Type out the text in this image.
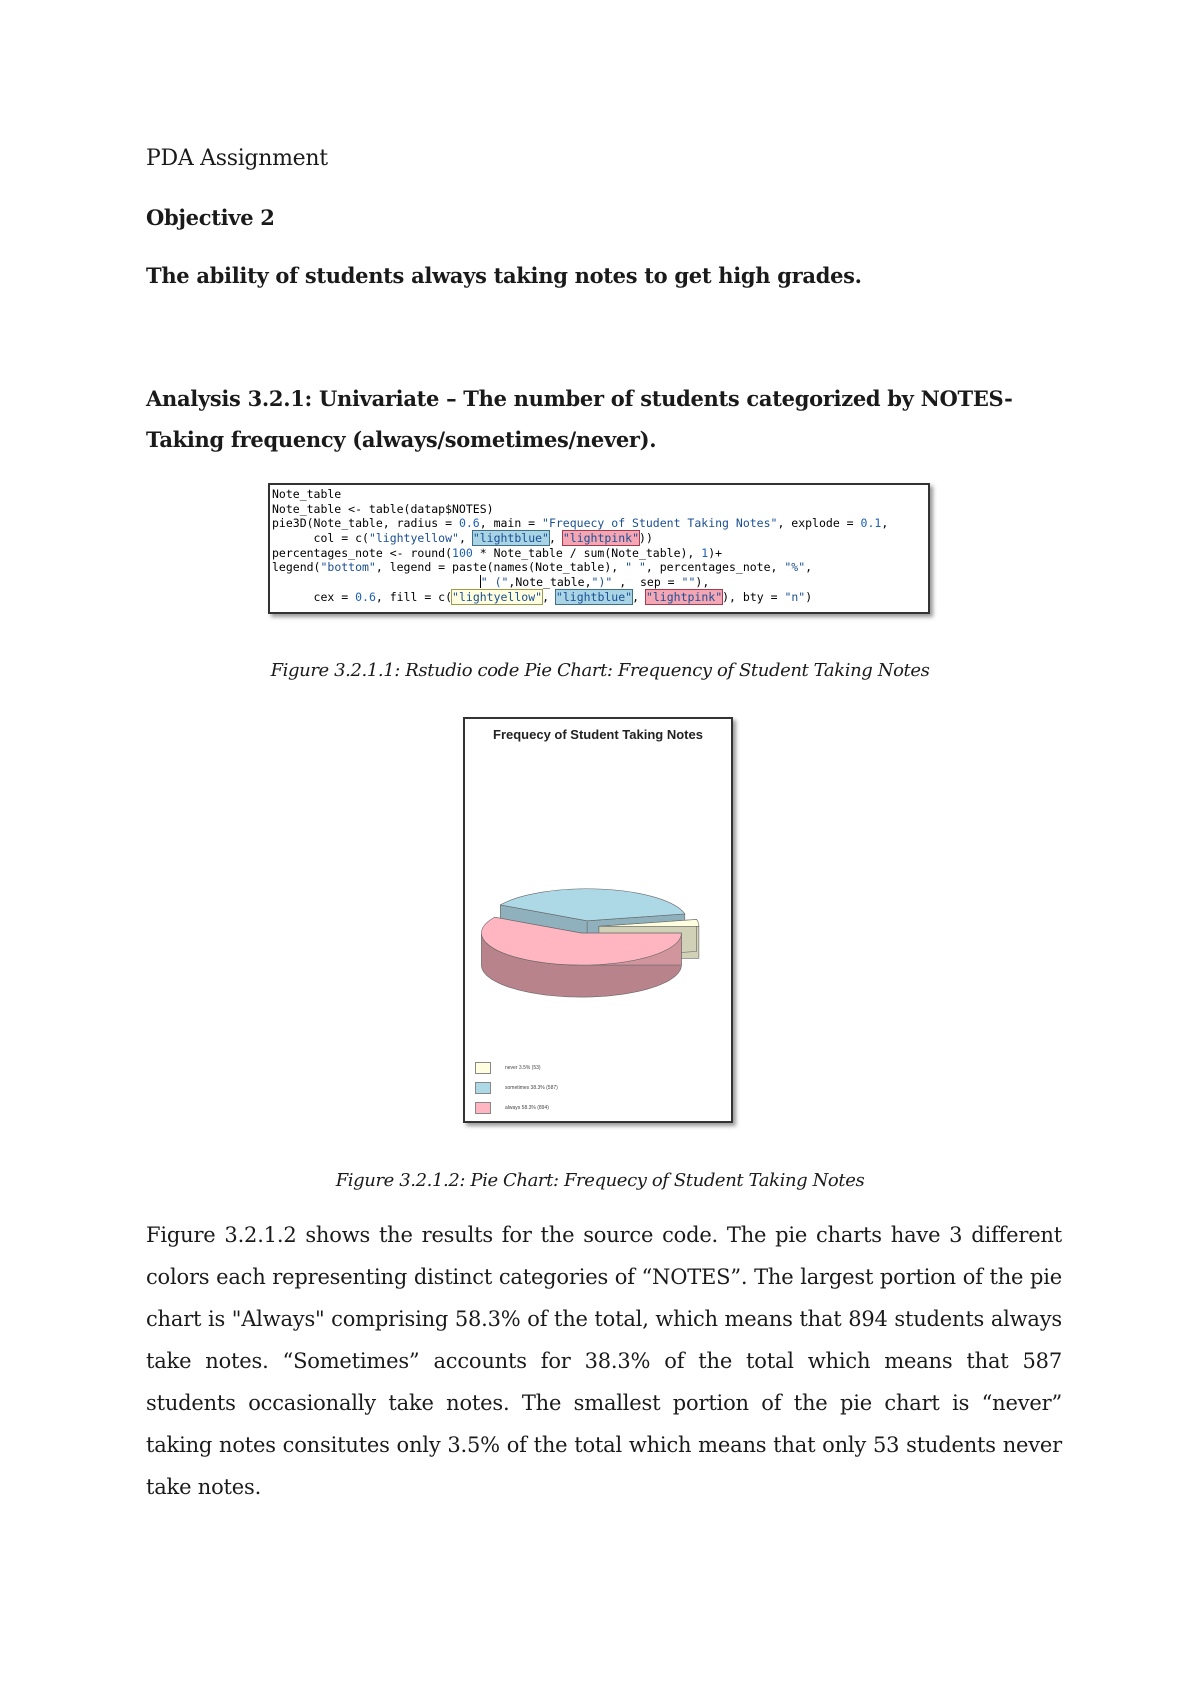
PDA Assignment
Objective 2
The ability of students always taking notes to get high grades.
Analysis 3.2.1: Univariate – The number of students categorized by NOTES-Taking frequency (always/sometimes/never).
Note_table
Note_table <- table(datap$NOTES)
pie3D(Note_table, radius = 0.6, main = "Frequecy of Student Taking Notes", explode = 0.1,
col = c("lightyellow", "lightblue", "lightpink"))
percentages_note <- round(100 * Note_table / sum(Note_table), 1)+
legend("bottom", legend = paste(names(Note_table), " ", percentages_note, "%",
" (",Note_table,")" ,  sep = ""),
cex = 0.6, fill = c("lightyellow", "lightblue", "lightpink"), bty = "n")
Figure 3.2.1.1: Rstudio code Pie Chart: Frequency of Student Taking Notes
Frequecy of Student Taking Notes
never 3.5% (53)
sometimes 38.3% (587)
always 58.3% (894)
Figure 3.2.1.2: Pie Chart: Frequecy of Student Taking Notes
Figure 3.2.1.2 shows the results for the source code. The pie charts have 3 different colors each representing distinct categories of “NOTES”. The largest portion of the pie chart is "Always" comprising 58.3% of the total, which means that 894 students always take notes. “Sometimes” accounts for 38.3% of the total which means that 587 students occasionally take notes. The smallest portion of the pie chart is “never” taking notes consitutes only 3.5% of the total which means that only 53 students never take notes.
